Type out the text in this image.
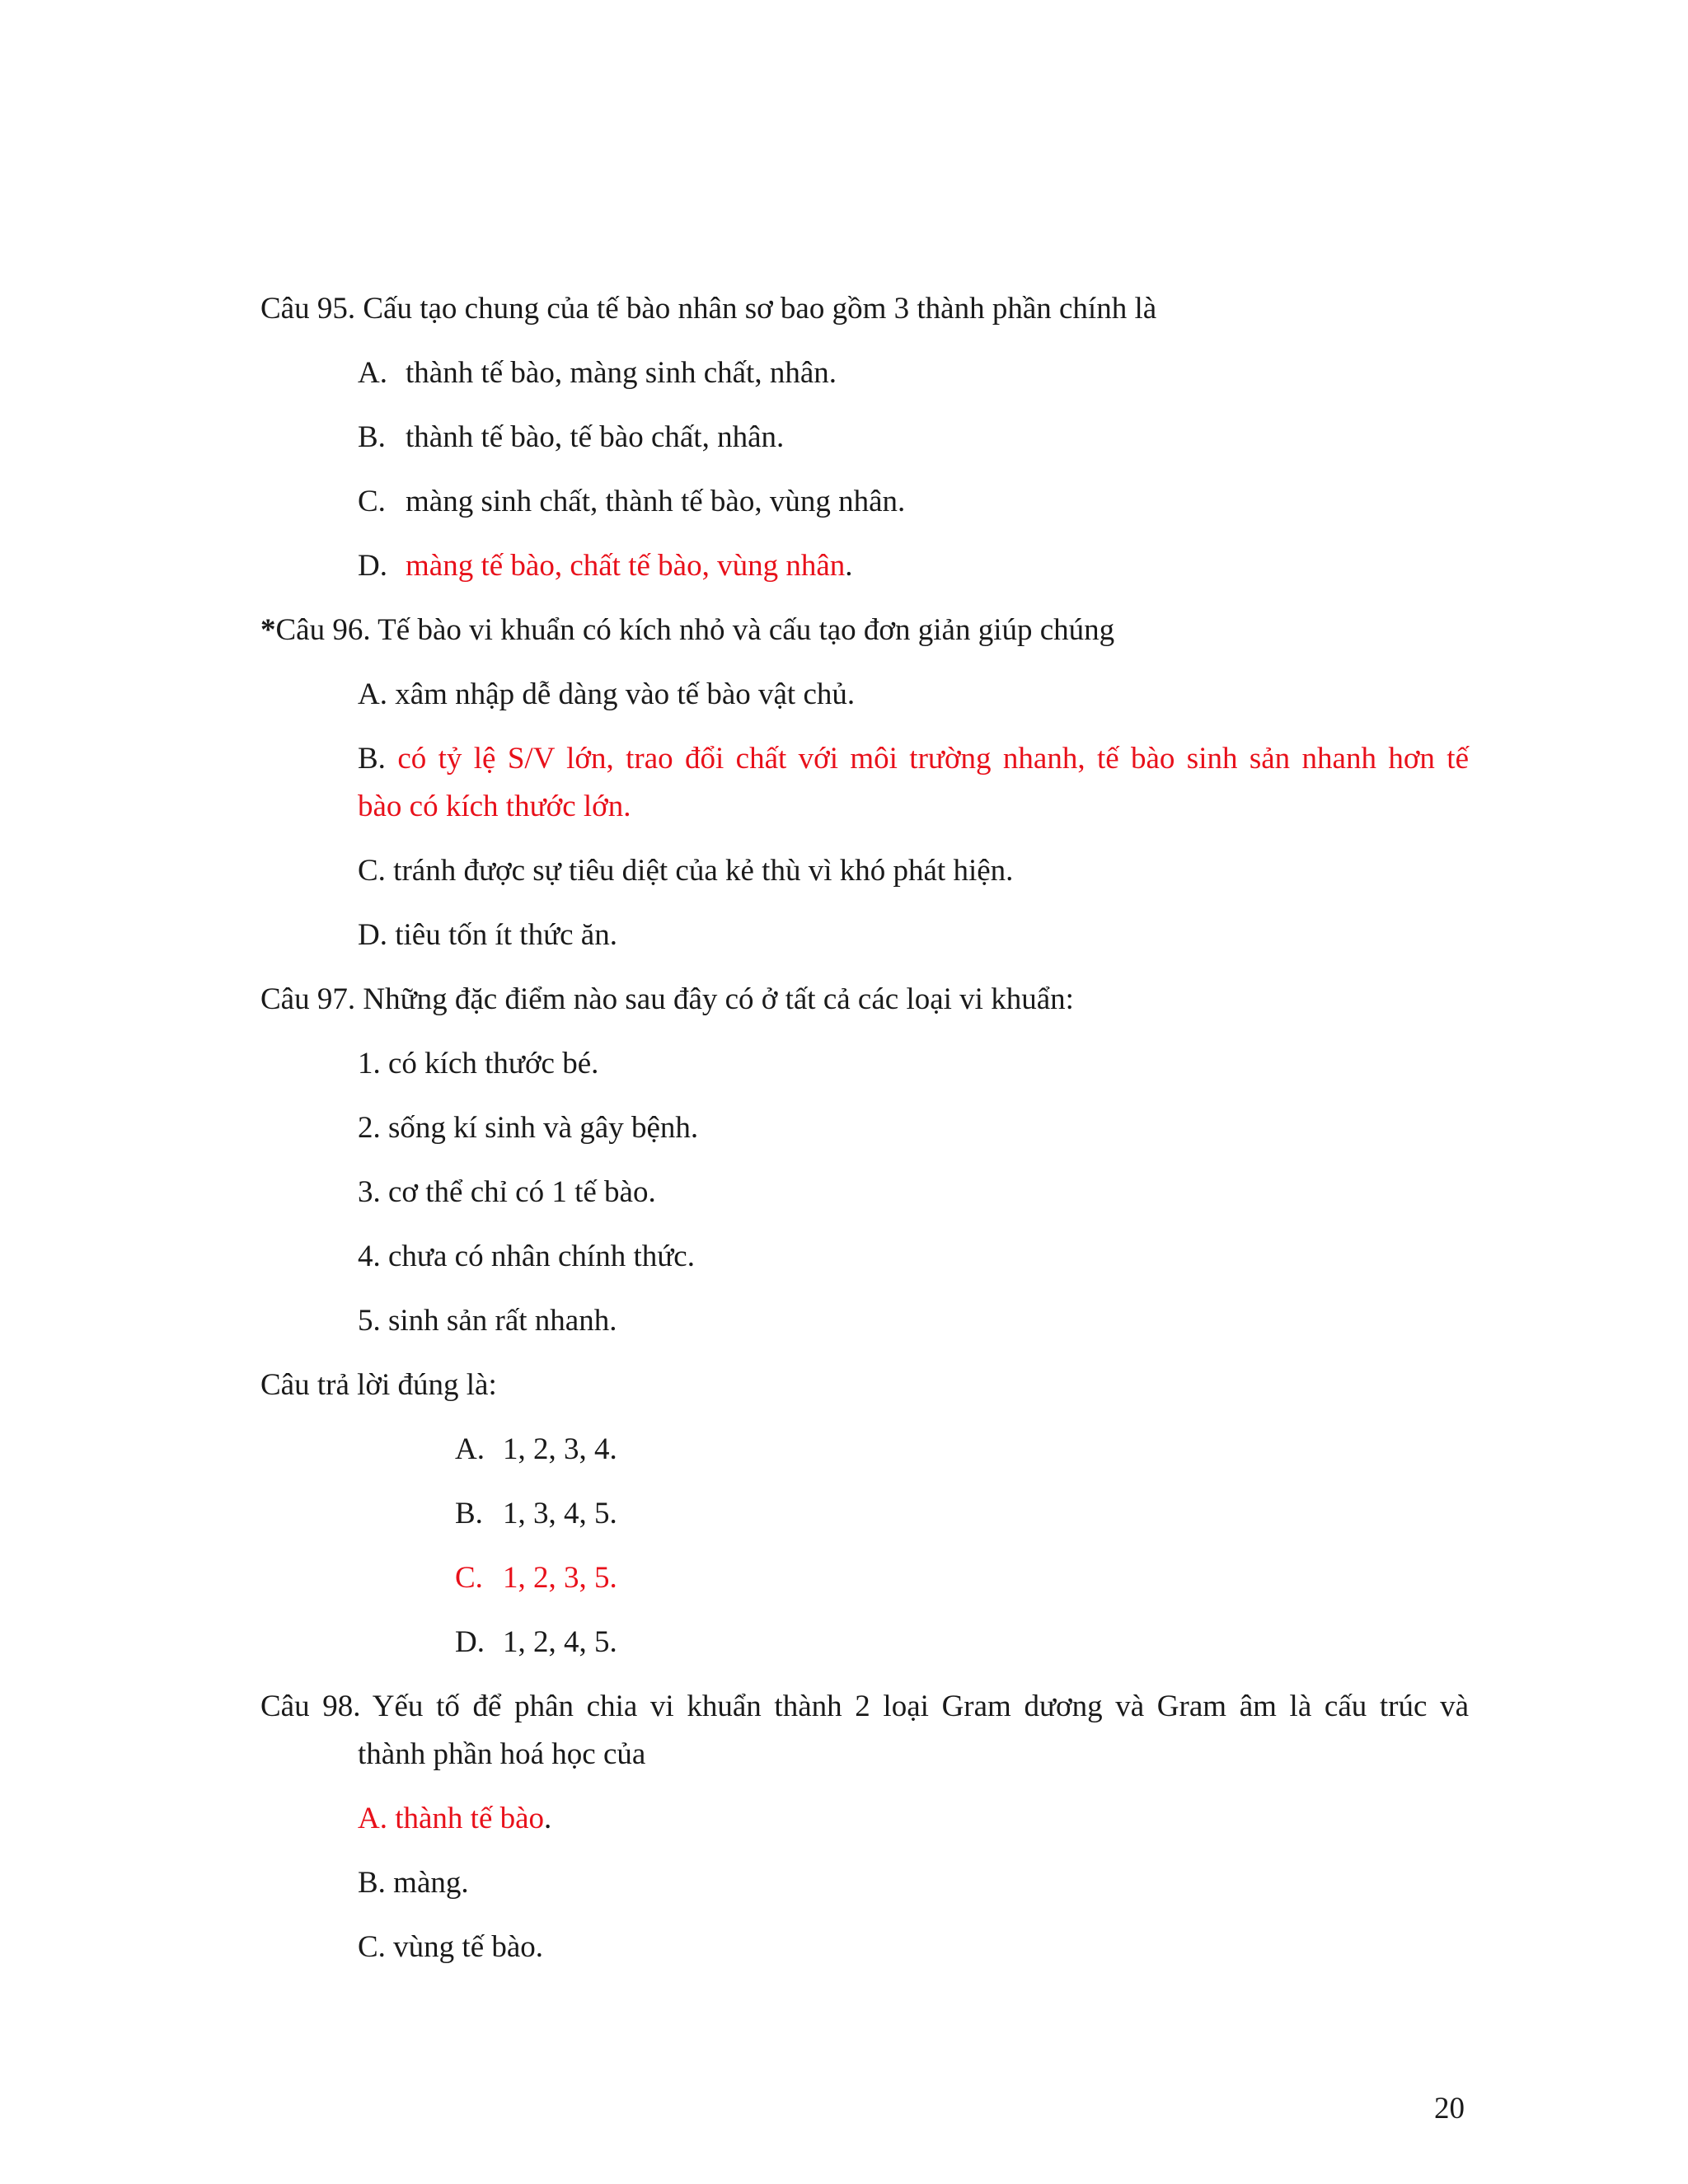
Câu 95. Cấu tạo chung của tế bào nhân sơ bao gồm 3 thành phần chính là
A. thành tế bào, màng sinh chất, nhân.
B. thành tế bào, tế bào chất, nhân.
C. màng sinh chất, thành tế bào, vùng nhân.
D. màng tế bào, chất tế bào, vùng nhân.
*Câu 96. Tế bào vi khuẩn có kích nhỏ và cấu tạo đơn giản giúp chúng
A. xâm nhập dễ dàng vào tế bào vật chủ.
B. có tỷ lệ S/V lớn, trao đổi chất với môi trường nhanh, tế bào sinh sản nhanh hơn tế
bào có kích thước lớn.
C. tránh được sự tiêu diệt của kẻ thù vì khó phát hiện.
D. tiêu tốn ít thức ăn.
Câu 97. Những đặc điểm nào sau đây có ở tất cả các loại vi khuẩn:
1. có kích thước bé.
2. sống kí sinh và gây bệnh.
3. cơ thể chỉ có 1 tế bào.
4. chưa có nhân chính thức.
5. sinh sản rất nhanh.
Câu trả lời đúng là:
A. 1, 2, 3, 4.
B. 1, 3, 4, 5.
C. 1, 2, 3, 5.
D. 1, 2, 4, 5.
Câu 98. Yếu tố để phân chia vi khuẩn thành 2 loại Gram dương và Gram âm là cấu trúc và
thành phần hoá học của
A. thành tế bào.
B. màng.
C. vùng tế bào.
20
